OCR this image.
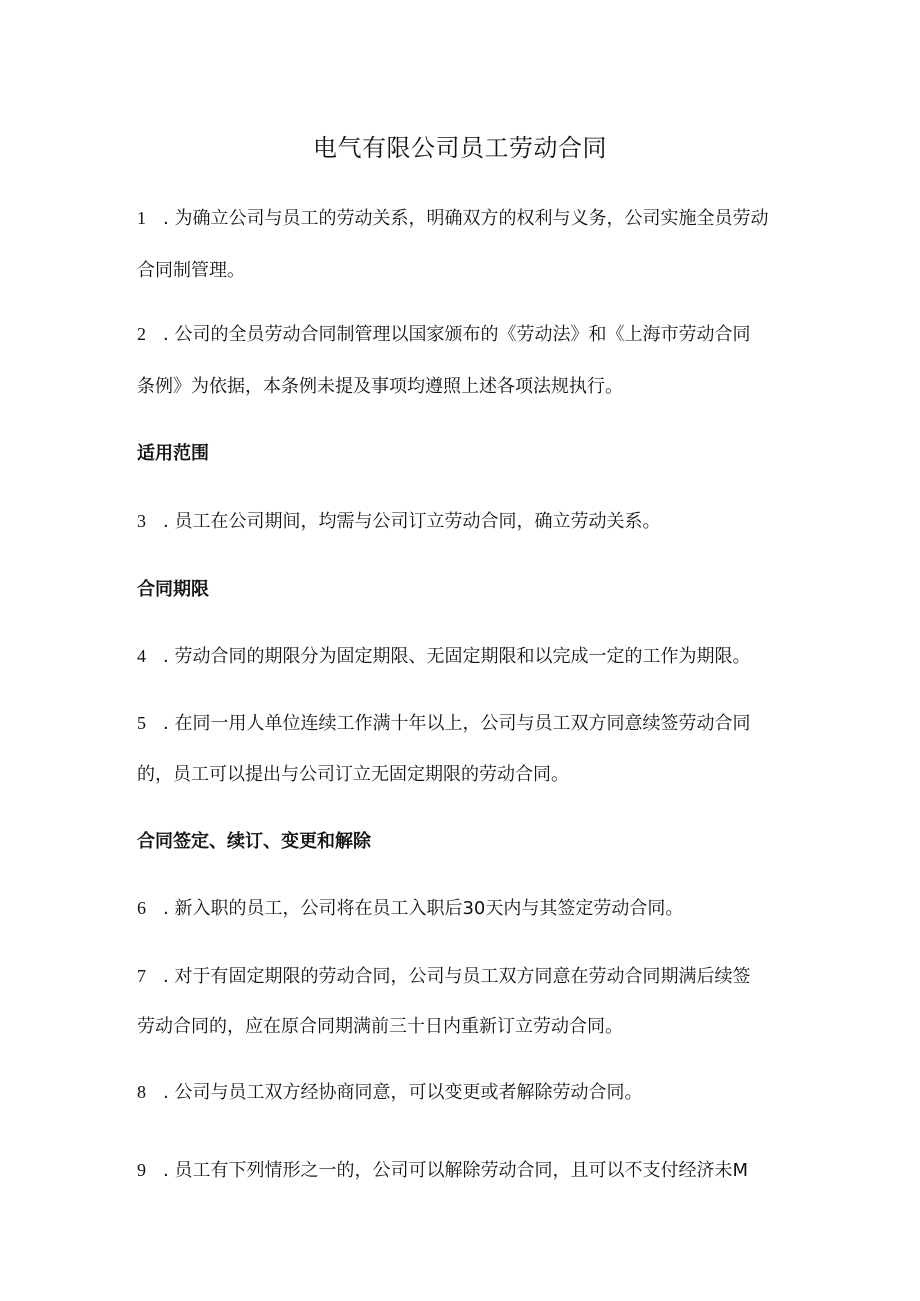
电气有限公司员工劳动合同
1 . 为确立公司与员工的劳动关系，明确双方的权利与义务，公司实施全员劳动
合同制管理。
2 . 公司的全员劳动合同制管理以国家颁布的《劳动法》和《上海市劳动合同
条例》为依据，本条例未提及事项均遵照上述各项法规执行。
适用范围
3 . 员工在公司期间，均需与公司订立劳动合同，确立劳动关系。
合同期限
4 . 劳动合同的期限分为固定期限、无固定期限和以完成一定的工作为期限。
5 . 在同一用人单位连续工作满十年以上，公司与员工双方同意续签劳动合同
的，员工可以提出与公司订立无固定期限的劳动合同。
合同签定、续订、变更和解除
6 . 新入职的员工，公司将在员工入职后30天内与其签定劳动合同。
7 . 对于有固定期限的劳动合同，公司与员工双方同意在劳动合同期满后续签
劳动合同的，应在原合同期满前三十日内重新订立劳动合同。
8 . 公司与员工双方经协商同意，可以变更或者解除劳动合同。
9 . 员工有下列情形之一的，公司可以解除劳动合同，且可以不支付经济未M
